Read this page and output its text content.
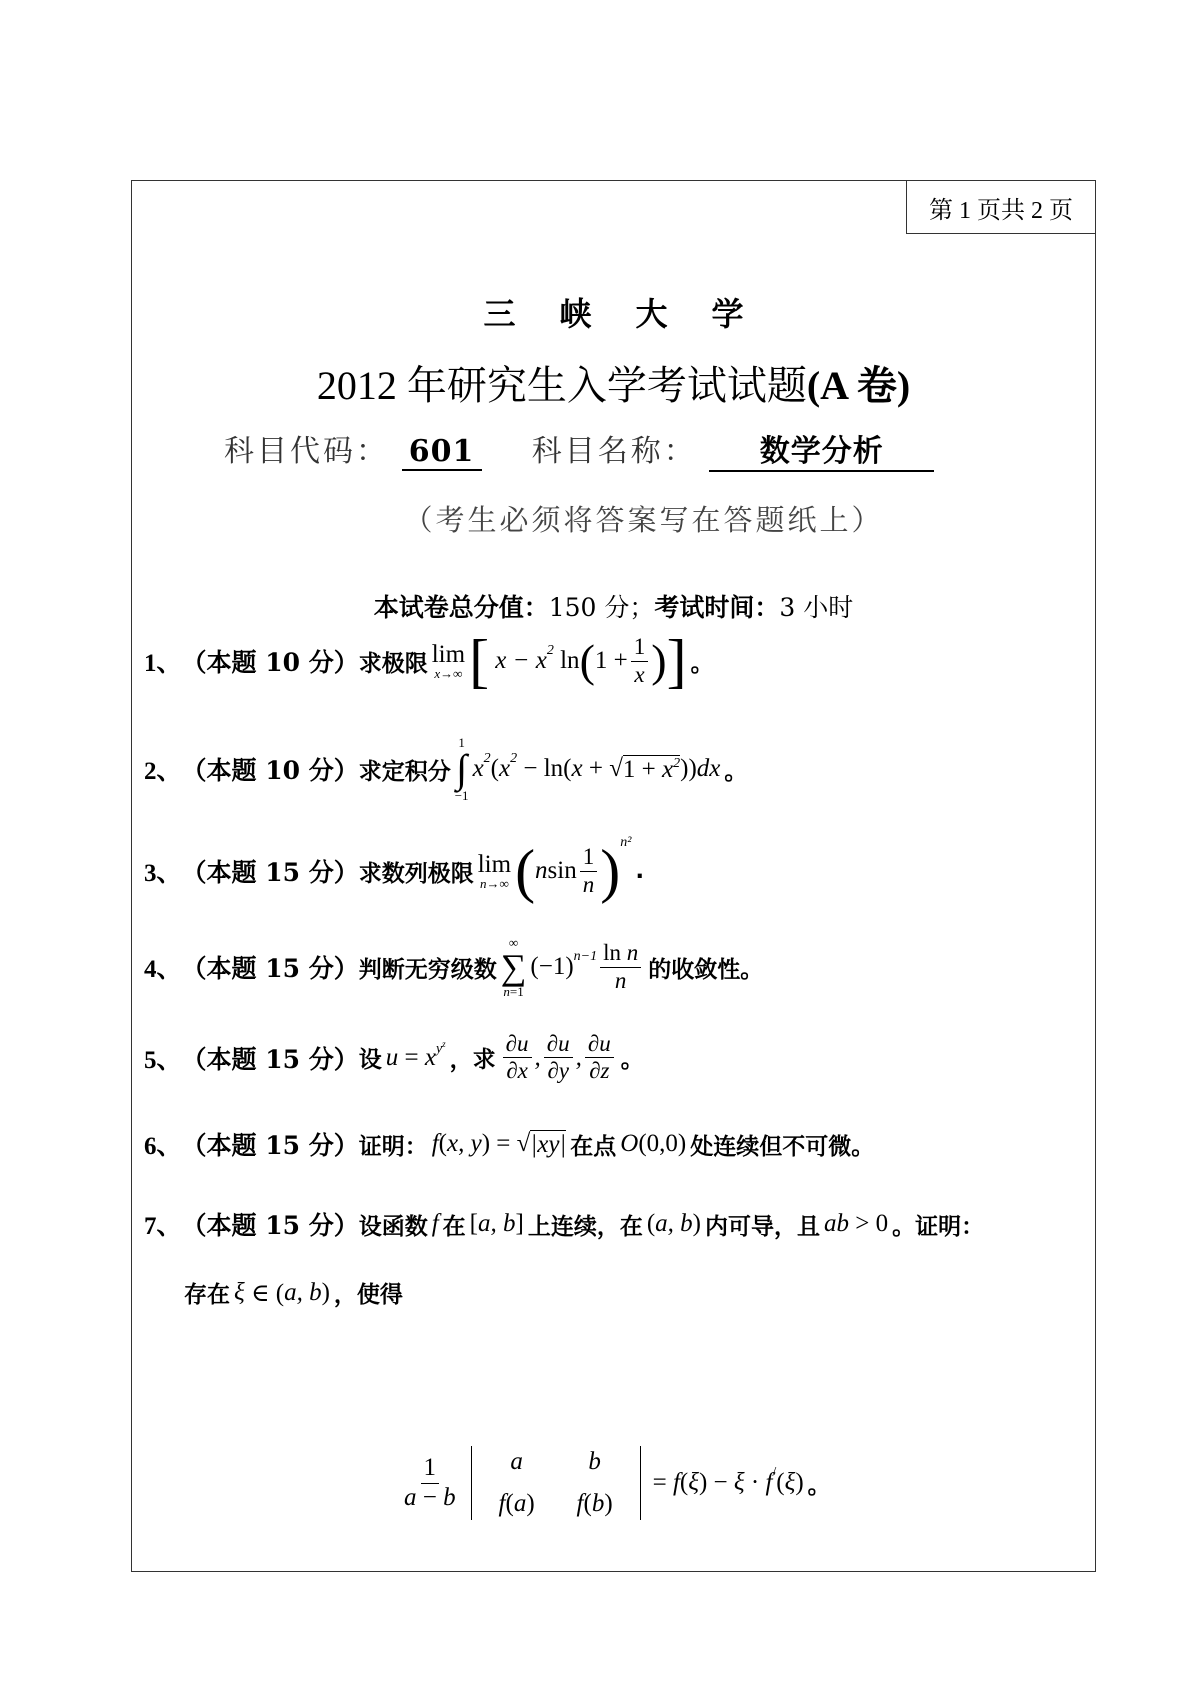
第 1 页共 2 页
三峡大学
2012 年研究生入学考试试题(A 卷)
科目代码： 601 科目名称： 数学分析
（考生必须将答案写在答题纸上）
本试卷总分值：150 分；考试时间：3 小时
1、 （本题 10 分） 求极限 lim
x→∞ [ x − x 2
ln ( $1 + \frac{1}{x}$ ) ] 。
2、 （本题 10 分） 求定积分
1
∫
−1
x 2 ( x 2 − ln( x + √ $1 + x^2$ )) dx 。
3、 （本题 15 分） 求数列极限 lim
n→∞ ( n $\sin \frac{1}{n}$ ) n²
.
4、 （本题 15 分） 判断无穷级数
∞
∑
n=1
(−1) $n-1 \frac{\text{ln n}}{n}$ 的收敛性。
5、 （本题 15 分） 设 u = x $y^z$
，求 $\frac{\partial u}{\partial x}$ , $\frac{\partial u}{\partial y}$ , $\frac{\partial u}{\partial z}$ 。
6、 （本题 15 分） 证明： f ( x, y ) = √ |xy| 在点 O (0,0) 处连续但不可微。
7、 （本题 15 分） 设函数 f 在 [ a, b ] 上连续，在 ( a, b ) 内可导，且 ab > 0 。证明：
存在 ξ ∈ ( a, b ) ，使得
$\frac{1}{a - b}$	a	b
f(a)	f(b)
= f ( ξ ) − ξ · f / ( ξ ) 。
